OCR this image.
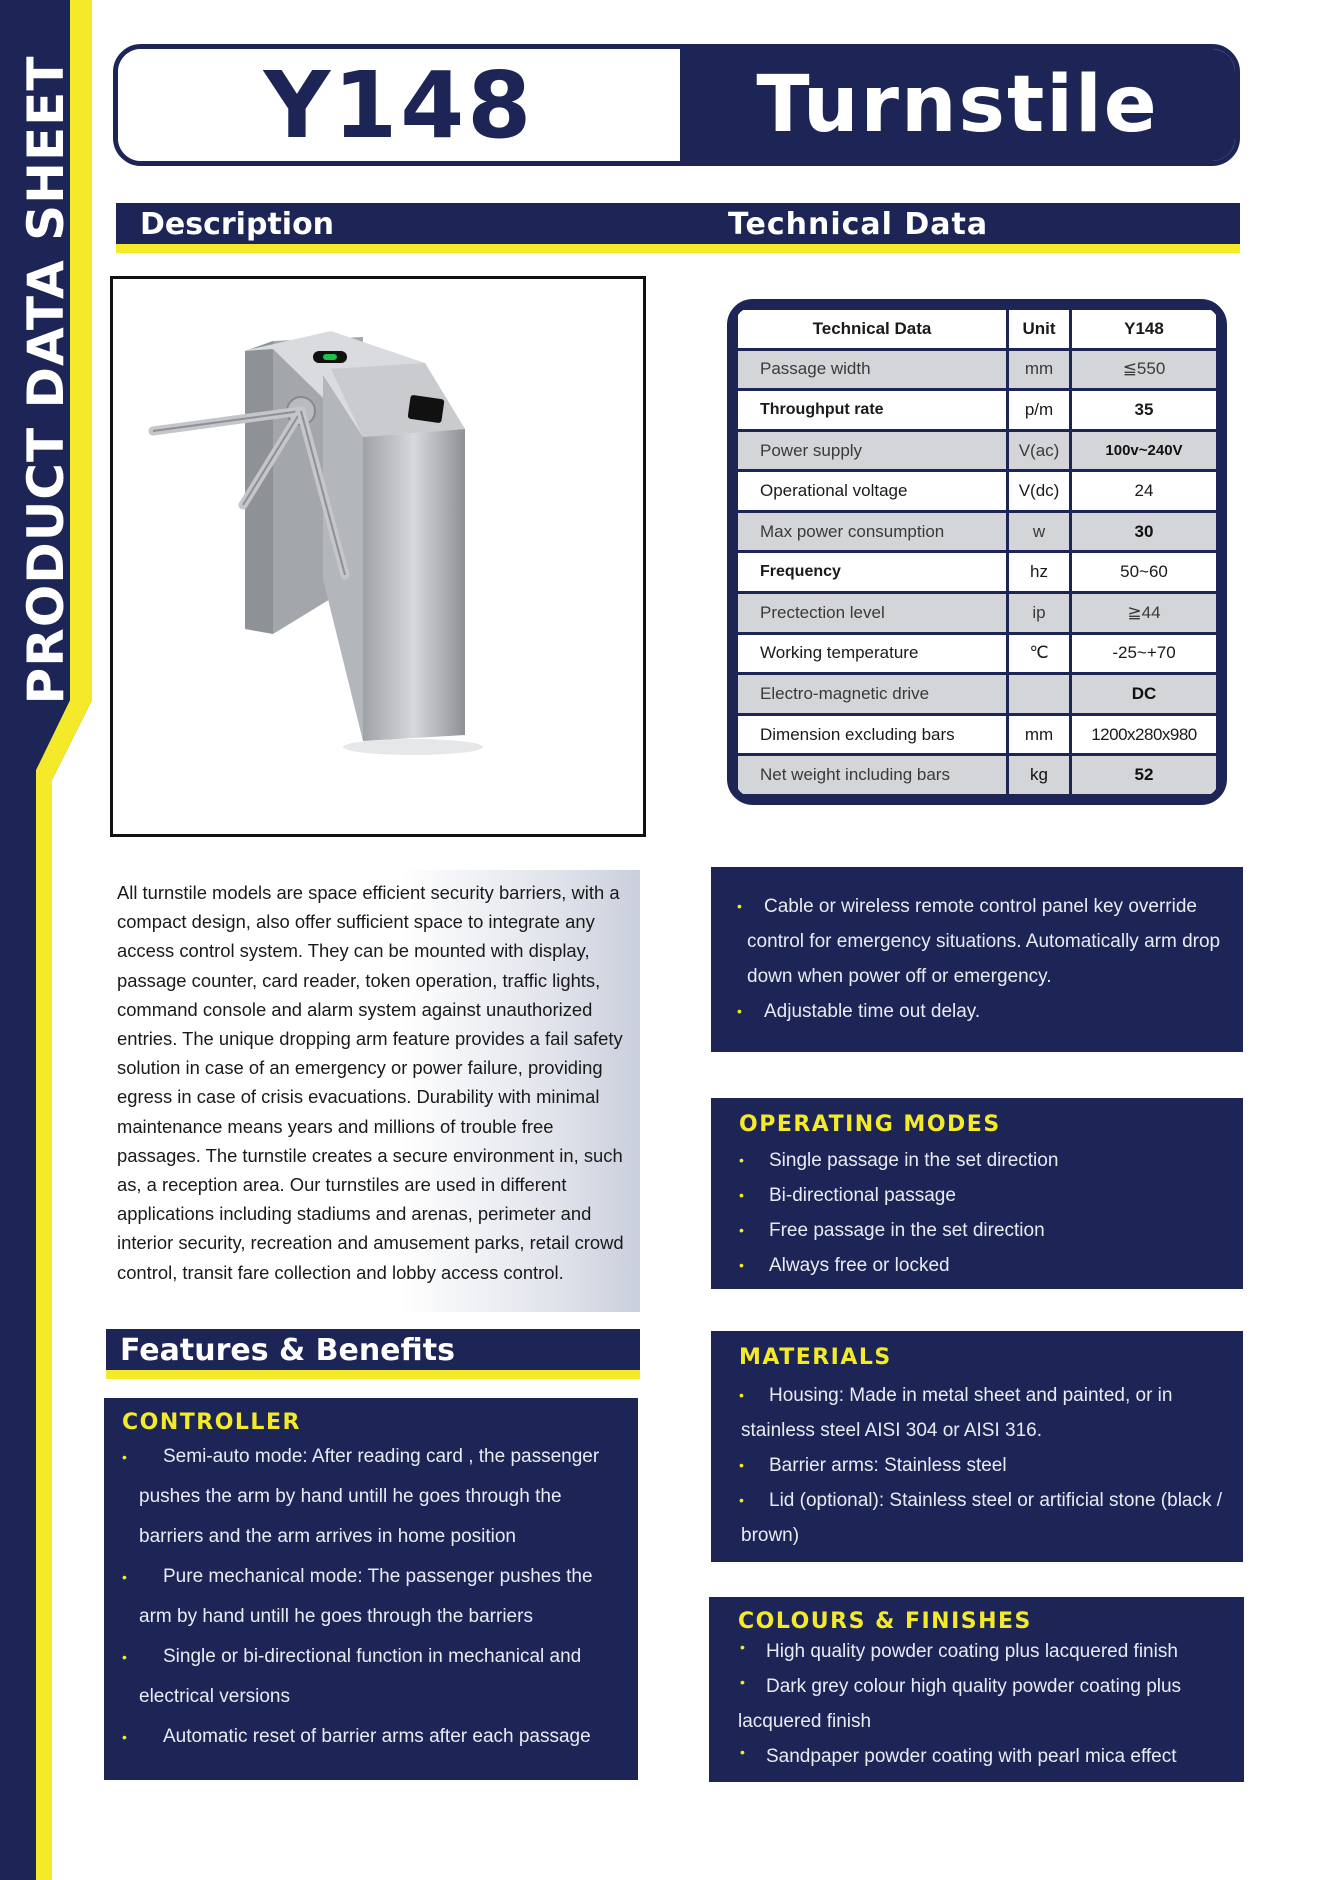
PRODUCT DATA SHEET Y148	Turnstile
Description	Technical Data
Technical Data	Unit	Y148
Passage width	mm	≦550
Throughput rate	p/m	35
Power supply	V(ac)	100v~240V
Operational voltage	V(dc)	24
Max power consumption	w	30
Frequency	hz	50~60
Prectection level	ip	≧44
Working temperature	℃	-25~+70
Electro-magnetic drive		DC
Dimension excluding bars	mm	1200x280x980
Net weight including bars	kg	52

All turnstile models are space efficient security barriers, with a compact design, also offer sufficient space to integrate any access control system. They can be mounted with display, passage counter, card reader, token operation, traffic lights, command console and alarm system against unauthorized entries. The unique dropping arm feature provides a fail safety solution in case of an emergency or power failure, providing egress in case of crisis evacuations. Durability with minimal maintenance means years and millions of trouble free passages. The turnstile creates a secure environment in, such as, a reception area. Our turnstiles are used in different applications including stadiums and arenas, perimeter and interior security, recreation and amusement parks, retail crowd control, transit fare collection and lobby access control.

Features & Benefits
CONTROLLER
• Semi-auto mode: After reading card , the passenger pushes the arm by hand untill he goes through the barriers and the arm arrives in home position
• Pure mechanical mode: The passenger pushes the arm by hand untill he goes through the barriers
• Single or bi-directional function in mechanical and electrical versions
• Automatic reset of barrier arms after each passage
• Cable or wireless remote control panel key override control for emergency situations. Automatically arm drop down when power off or emergency.
• Adjustable time out delay.
OPERATING MODES
• Single passage in the set direction
• Bi-directional passage
• Free passage in the set direction
• Always free or locked
MATERIALS
• Housing: Made in metal sheet and painted, or in stainless steel AISI 304 or AISI 316.
• Barrier arms: Stainless steel
• Lid (optional): Stainless steel or artificial stone (black / brown)
COLOURS & FINISHES
• High quality powder coating plus lacquered finish
• Dark grey colour high quality powder coating plus lacquered finish
• Sandpaper powder coating with pearl mica effect
